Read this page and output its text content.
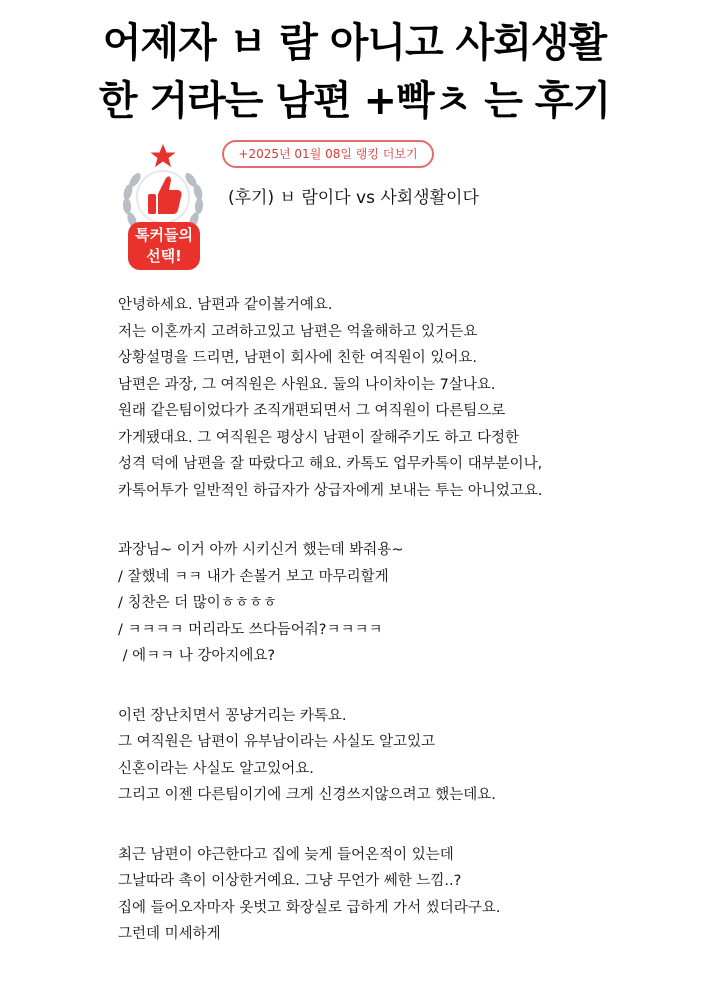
어제자 ㅂ 람 아니고 사회생활
한 거라는 남편 +빡ㅊ 는 후기
톡커들의
선택!
+2025년 01월 08일 랭킹 더보기
(후기) ㅂ 람이다 vs 사회생활이다
안녕하세요. 남편과 같이볼거예요.
저는 이혼까지 고려하고있고 남편은 억울해하고 있거든요
상황설명을 드리면, 남편이 회사에 친한 여직원이 있어요.
남편은 과장, 그 여직원은 사원요. 둘의 나이차이는 7살나요.
원래 같은팀이었다가 조직개편되면서 그 여직원이 다른팀으로
가게됐대요. 그 여직원은 평상시 남편이 잘해주기도 하고 다정한
성격 덕에 남편을 잘 따랐다고 해요. 카톡도 업무카톡이 대부분이나,
카톡어투가 일반적인 하급자가 상급자에게 보내는 투는 아니었고요.
과장님~ 이거 아까 시키신거 했는데 봐줘용~
/ 잘했네 ㅋㅋ 내가 손볼거 보고 마무리할게
/ 칭찬은 더 많이ㅎㅎㅎㅎ
/ ㅋㅋㅋㅋ 머리라도 쓰다듬어줘?ㅋㅋㅋㅋ
/ 에ㅋㅋ 나 강아지에요?
이런 장난치면서 꽁냥거리는 카톡요.
그 여직원은 남편이 유부남이라는 사실도 알고있고
신혼이라는 사실도 알고있어요.
그리고 이젠 다른팀이기에 크게 신경쓰지않으려고 했는데요.
최근 남편이 야근한다고 집에 늦게 들어온적이 있는데
그날따라 촉이 이상한거예요. 그냥 무언가 쎄한 느낌..?
집에 들어오자마자 옷벗고 화장실로 급하게 가서 씼더라구요.
그런데 미세하게
